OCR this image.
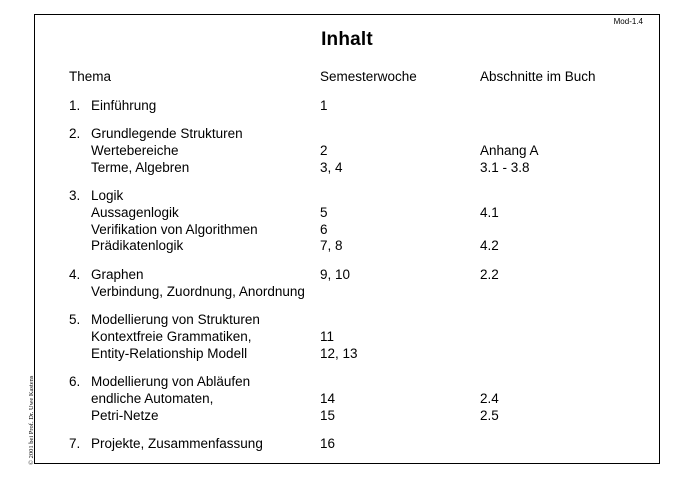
Mod-1.4
Inhalt
Thema	Semesterwoche	Abschnitte im Buch
1. Einführung	1
2. Grundlegende Strukturen
Wertebereiche	2	Anhang A
Terme, Algebren	3, 4	3.1 - 3.8
3. Logik
Aussagenlogik	5	4.1
Verifikation von Algorithmen	6
Prädikatenlogik	7, 8	4.2
4. Graphen	9, 10	2.2
Verbindung, Zuordnung, Anordnung
5. Modellierung von Strukturen
Kontextfreie Grammatiken,	11
Entity-Relationship Modell	12, 13
6. Modellierung von Abläufen
endliche Automaten,	14	2.4
Petri-Netze	15	2.5
7. Projekte, Zusammenfassung	16
© 2001 bei Prof. Dr. Uwe Kastens
